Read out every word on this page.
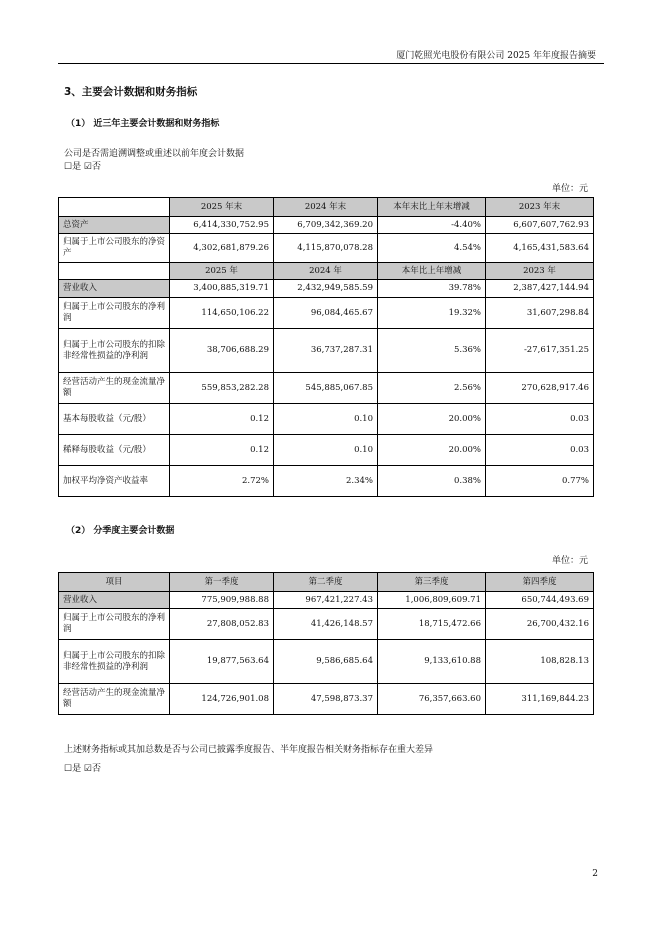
厦门乾照光电股份有限公司 2025 年年度报告摘要
3、主要会计数据和财务指标
（1） 近三年主要会计数据和财务指标
公司是否需追溯调整或重述以前年度会计数据
☐是 ☑否
单位：元
	2025 年末	2024 年末	本年末比上年末增减	2023 年末
总资产	6,414,330,752.95	6,709,342,369.20	-4.40%	6,607,607,762.93
归属于上市公司股东的净资产	4,302,681,879.26	4,115,870,078.28	4.54%	4,165,431,583.64
	2025 年	2024 年	本年比上年增减	2023 年
营业收入	3,400,885,319.71	2,432,949,585.59	39.78%	2,387,427,144.94
归属于上市公司股东的净利润	114,650,106.22	96,084,465.67	19.32%	31,607,298.84
归属于上市公司股东的扣除非经常性损益的净利润	38,706,688.29	36,737,287.31	5.36%	-27,617,351.25
经营活动产生的现金流量净额	559,853,282.28	545,885,067.85	2.56%	270,628,917.46
基本每股收益（元/股）	0.12	0.10	20.00%	0.03
稀释每股收益（元/股）	0.12	0.10	20.00%	0.03
加权平均净资产收益率	2.72%	2.34%	0.38%	0.77%
（2） 分季度主要会计数据
单位：元
项目	第一季度	第二季度	第三季度	第四季度
营业收入	775,909,988.88	967,421,227.43	1,006,809,609.71	650,744,493.69
归属于上市公司股东的净利润	27,808,052.83	41,426,148.57	18,715,472.66	26,700,432.16
归属于上市公司股东的扣除非经常性损益的净利润	19,877,563.64	9,586,685.64	9,133,610.88	108,828.13
经营活动产生的现金流量净额	124,726,901.08	47,598,873.37	76,357,663.60	311,169,844.23
上述财务指标或其加总数是否与公司已披露季度报告、半年度报告相关财务指标存在重大差异
☐是 ☑否
2
